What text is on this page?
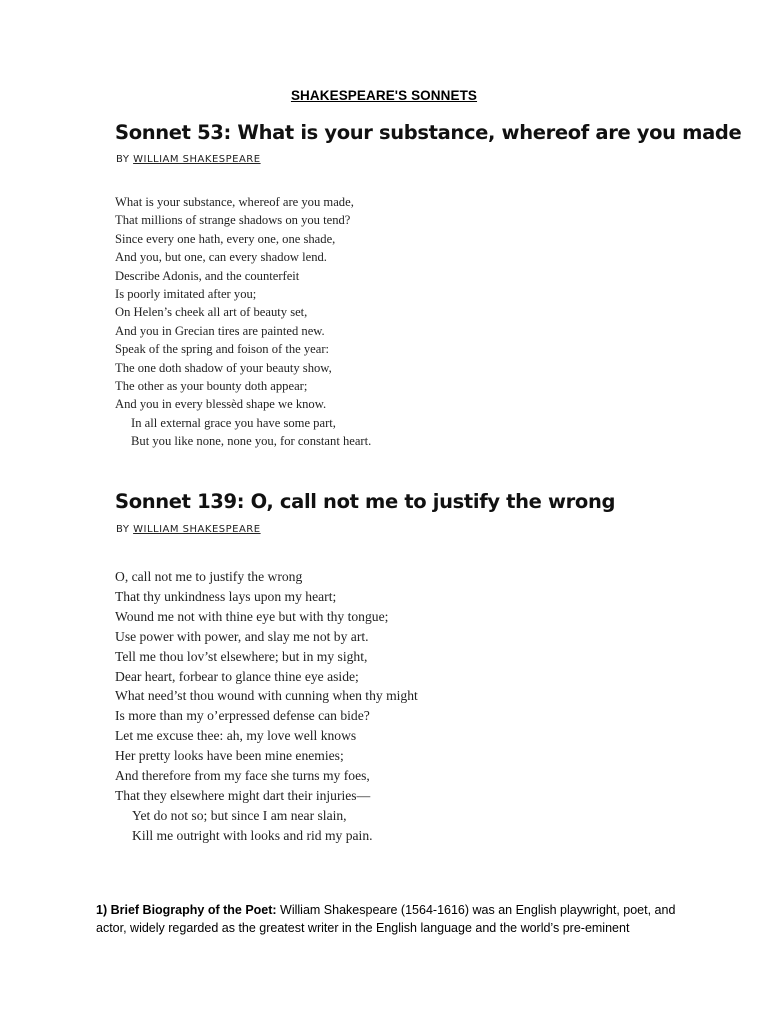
SHAKESPEARE'S SONNETS
Sonnet 53: What is your substance, whereof are you made
BY WILLIAM SHAKESPEARE
What is your substance, whereof are you made,
That millions of strange shadows on you tend?
Since every one hath, every one, one shade,
And you, but one, can every shadow lend.
Describe Adonis, and the counterfeit
Is poorly imitated after you;
On Helen’s cheek all art of beauty set,
And you in Grecian tires are painted new.
Speak of the spring and foison of the year:
The one doth shadow of your beauty show,
The other as your bounty doth appear;
And you in every blessèd shape we know.
In all external grace you have some part,
But you like none, none you, for constant heart.
Sonnet 139: O, call not me to justify the wrong
BY WILLIAM SHAKESPEARE
O, call not me to justify the wrong
That thy unkindness lays upon my heart;
Wound me not with thine eye but with thy tongue;
Use power with power, and slay me not by art.
Tell me thou lov’st elsewhere; but in my sight,
Dear heart, forbear to glance thine eye aside;
What need’st thou wound with cunning when thy might
Is more than my o’erpressed defense can bide?
Let me excuse thee: ah, my love well knows
Her pretty looks have been mine enemies;
And therefore from my face she turns my foes,
That they elsewhere might dart their injuries—
Yet do not so; but since I am near slain,
Kill me outright with looks and rid my pain.
1) Brief Biography of the Poet: William Shakespeare (1564-1616) was an English playwright, poet, and actor, widely regarded as the greatest writer in the English language and the world’s pre-eminent
